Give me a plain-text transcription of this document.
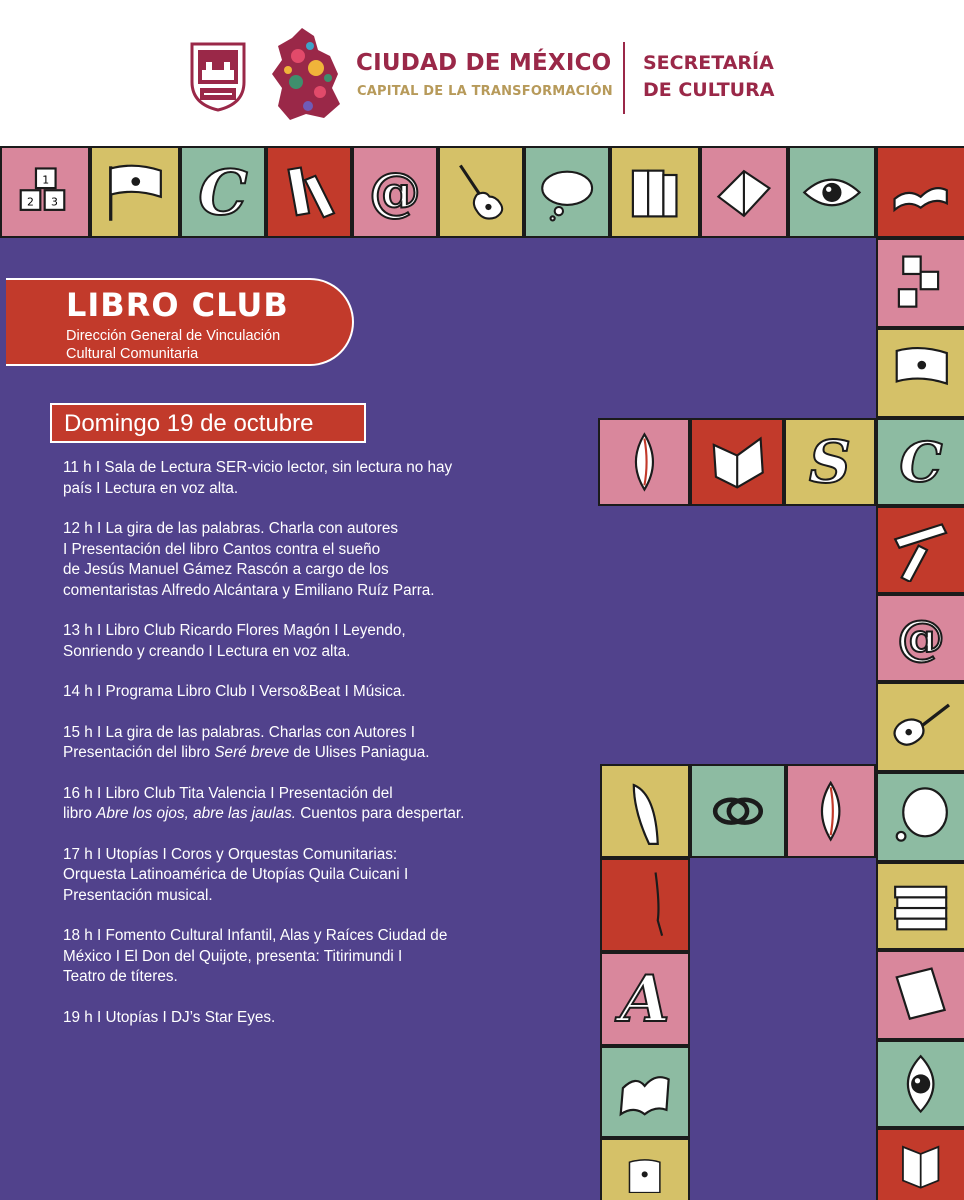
CIUDAD DE MÉXICO
CAPITAL DE LA TRANSFORMACIÓN
SECRETARÍA
DE CULTURA
1
2 3 C @
C
@
S
A
LIBRO CLUB
Dirección General de Vinculación
Cultural Comunitaria
Domingo 19 de octubre
11 h I Sala de Lectura SER-vicio lector, sin lectura no hay
país I Lectura en voz alta.
12 h I La gira de las palabras. Charla con autores
I Presentación del libro Cantos contra el sueño
de Jesús Manuel Gámez Rascón a cargo de los
comentaristas Alfredo Alcántara y Emiliano Ruíz Parra.
13 h I Libro Club Ricardo Flores Magón I Leyendo,
Sonriendo y creando I Lectura en voz alta.
14 h I Programa Libro Club I Verso&Beat I Música.
15 h I La gira de las palabras. Charlas con Autores I
Presentación del libro Seré breve de Ulises Paniagua.
16 h I Libro Club Tita Valencia I Presentación del
libro Abre los ojos, abre las jaulas. Cuentos para despertar.
17 h I Utopías I Coros y Orquestas Comunitarias:
Orquesta Latinoamérica de Utopías Quila Cuicani I
Presentación musical.
18 h I Fomento Cultural Infantil, Alas y Raíces Ciudad de
México I El Don del Quijote, presenta: Titirimundi I
Teatro de títeres.
19 h I Utopías I DJ’s Star Eyes.
